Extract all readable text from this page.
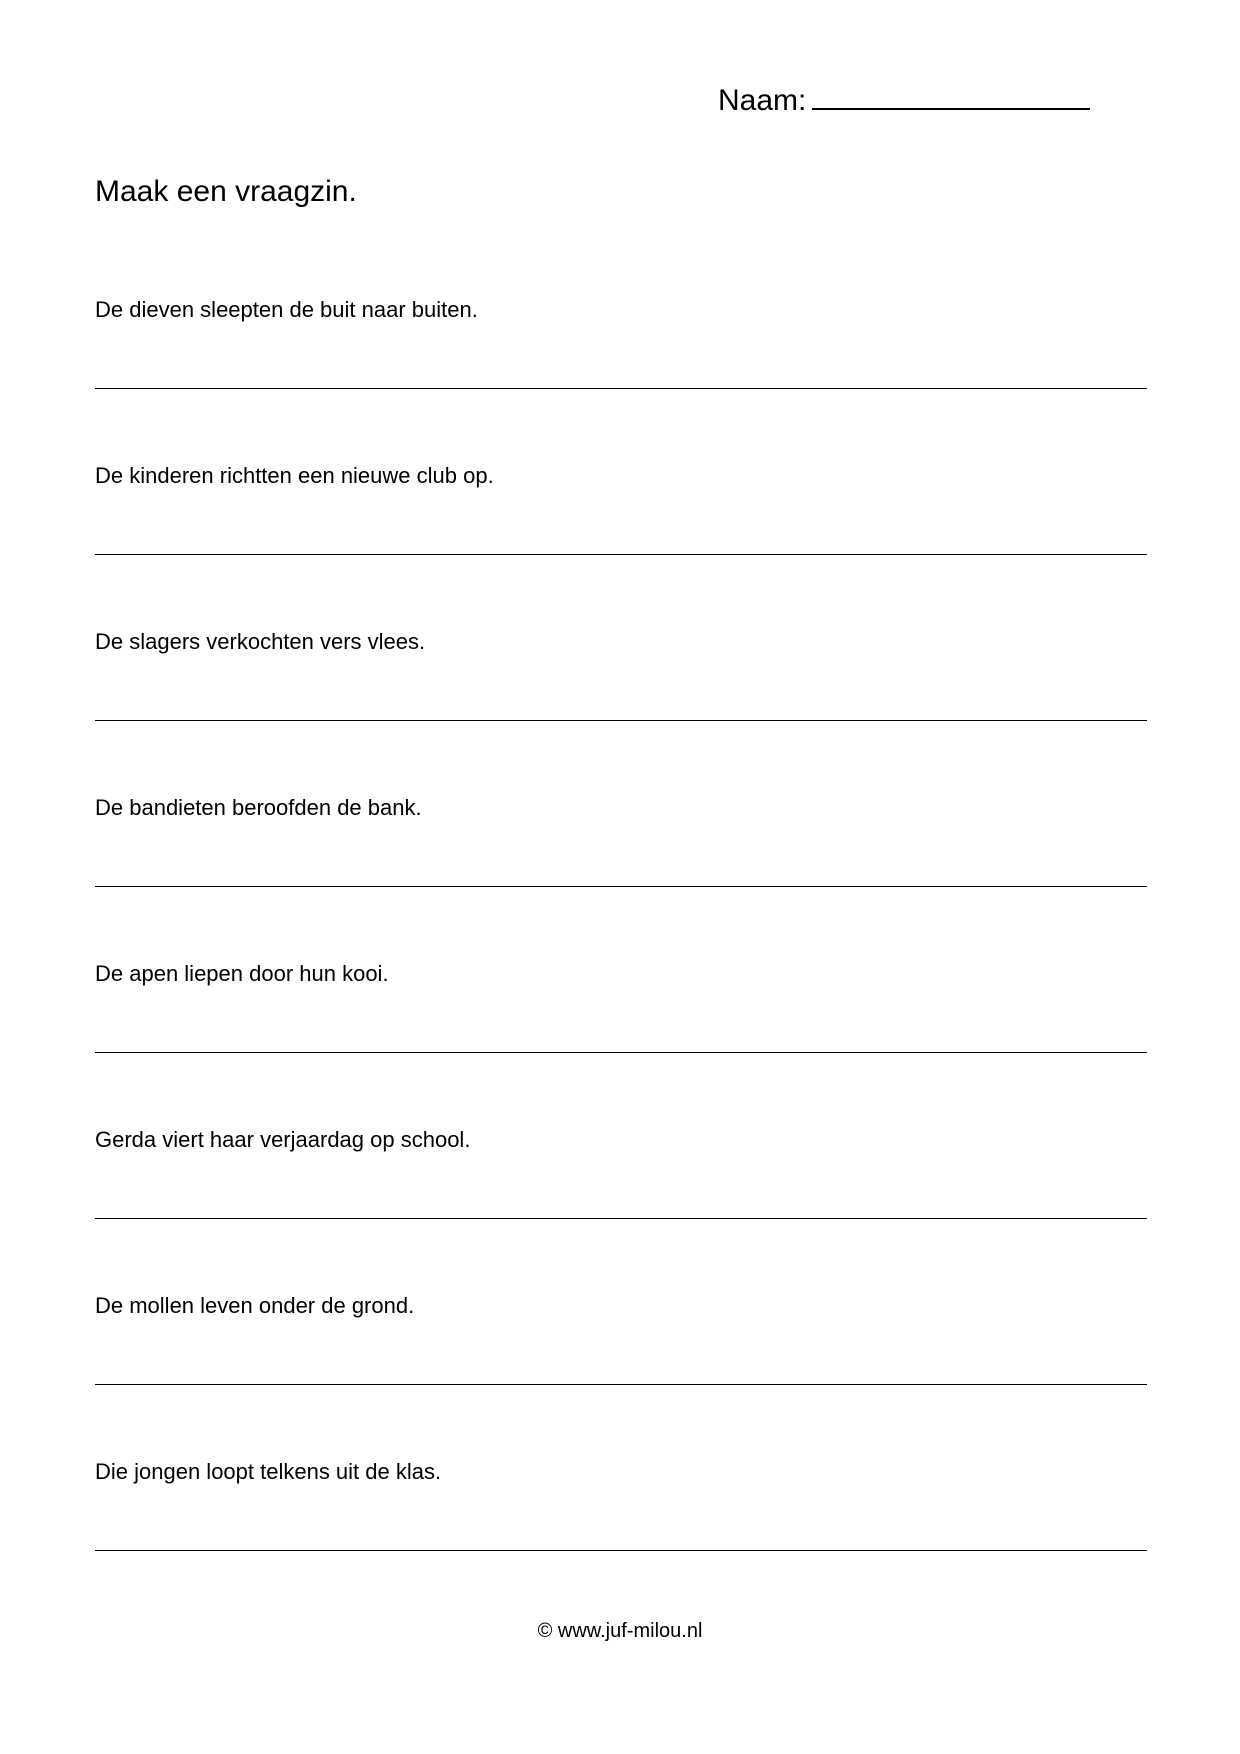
Naam:
Maak een vraagzin.
De dieven sleepten de buit naar buiten.
De kinderen richtten een nieuwe club op.
De slagers verkochten vers vlees.
De bandieten beroofden de bank.
De apen liepen door hun kooi.
Gerda viert haar verjaardag op school.
De mollen leven onder de grond.
Die jongen loopt telkens uit de klas.
© www.juf-milou.nl
